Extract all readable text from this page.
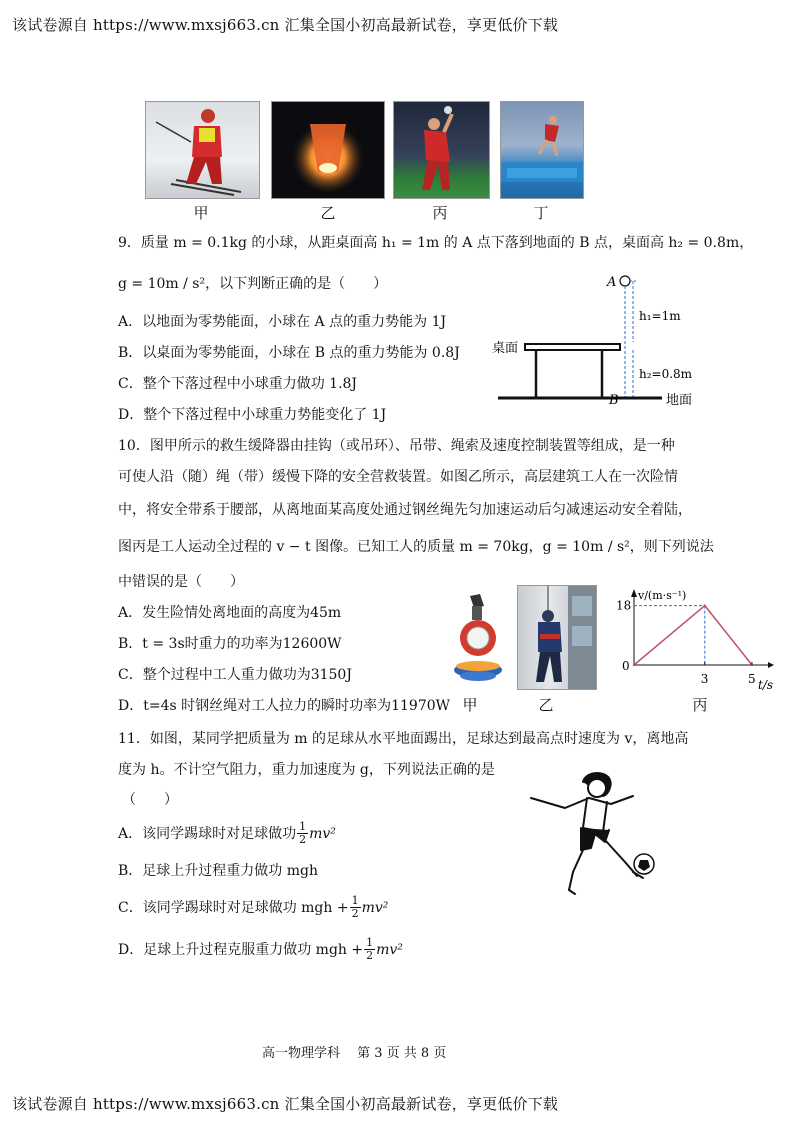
该试卷源自 https://www.mxsj663.cn 汇集全国小初高最新试卷，享更低价下载
甲	乙	丙	丁
9．质量 m = 0.1kg 的小球，从距桌面高 h₁ = 1m 的 A 点下落到地面的 B 点，桌面高 h₂ = 0.8m，
g = 10m / s²，以下判断正确的是（　　）
A．以地面为零势能面，小球在 A 点的重力势能为 1J
B．以桌面为零势能面，小球在 B 点的重力势能为 0.8J
C．整个下落过程中小球重力做功 1.8J
D．整个下落过程中小球重力势能变化了 1J
A
B
h₁=1m
h₂=0.8m
桌面
地面
10．图甲所示的救生缓降器由挂钩（或吊环）、吊带、绳索及速度控制装置等组成，是一种
可使人沿（随）绳（带）缓慢下降的安全营救装置。如图乙所示，高层建筑工人在一次险情
中，将安全带系于腰部，从离地面某高度处通过钢丝绳先匀加速运动后匀减速运动安全着陆，
图丙是工人运动全过程的 v − t 图像。已知工人的质量 m = 70kg，g = 10m / s²，则下列说法
中错误的是（　　）
A．发生险情处离地面的高度为45m
B．t = 3s时重力的功率为12600W
C．整个过程中工人重力做功为3150J
D．t=4s 时钢丝绳对工人拉力的瞬时功率为11970W 甲	乙	丙
v/(m·s⁻¹)
t/s
0
3	5
18
11．如图，某同学把质量为 m 的足球从水平地面踢出，足球达到最高点时速度为 v，离地高
度为 h。不计空气阻力，重力加速度为 g，下列说法正确的是
（　　）
A．该同学踢球时对足球做功 $\frac{1}{2} mv^2$
B．足球上升过程重力做功 mgh
C．该同学踢球时对足球做功 mgh + $\frac{1}{2} mv^2$
D．足球上升过程克服重力做功 mgh + $\frac{1}{2} mv^2$
高一物理学科　 第 3 页 共 8 页
该试卷源自 https://www.mxsj663.cn 汇集全国小初高最新试卷，享更低价下载
